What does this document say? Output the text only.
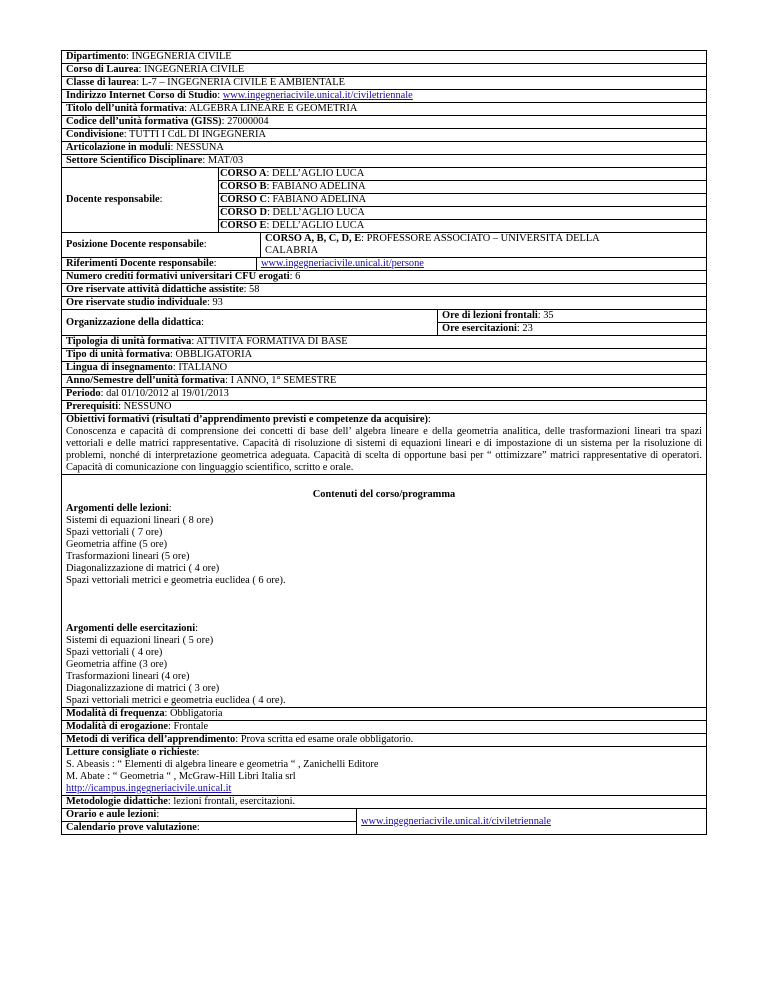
Dipartimento: INGEGNERIA CIVILE
Corso di Laurea: INGEGNERIA CIVILE
Classe di laurea: L-7 – INGEGNERIA CIVILE E AMBIENTALE
Indirizzo Internet Corso di Studio: www.ingegneriacivile.unical.it/civiletriennale
Titolo dell’unità formativa: ALGEBRA LINEARE E GEOMETRIA
Codice dell’unità formativa (GISS): 27000004
Condivisione: TUTTI I CdL DI INGEGNERIA
Articolazione in moduli: NESSUNA
Settore Scientifico Disciplinare: MAT/03
Docente responsabile :
CORSO A: DELL’AGLIO LUCA
CORSO B: FABIANO ADELINA
CORSO C: FABIANO ADELINA
CORSO D: DELL’AGLIO LUCA
CORSO E: DELL’AGLIO LUCA
Posizione Docente responsabile :
CORSO A, B, C, D, E: PROFESSORE ASSOCIATO – UNIVERSITÀ DELLA
CALABRIA
Riferimenti Docente responsabile:	www.ingegneriacivile.unical.it/persone
Numero crediti formativi universitari CFU erogati: 6
Ore riservate attività didattiche assistite: 58
Ore riservate studio individuale: 93
Organizzazione della didattica :
Ore di lezioni frontali: 35
Ore esercitazioni: 23
Tipologia di unità formativa: ATTIVITÀ FORMATIVA DI BASE
Tipo di unità formativa: OBBLIGATORIA
Lingua di insegnamento: ITALIANO
Anno/Semestre dell’unità formativa: I ANNO, 1° SEMESTRE
Periodo: dal 01/10/2012 al 19/01/2013
Prerequisiti: NESSUNO
Obiettivi formativi (risultati d’apprendimento previsti e competenze da acquisire):
Conoscenza e capacità di comprensione dei concetti di base dell’ algebra lineare e della geometria analitica, delle trasformazioni lineari tra spazi vettoriali e delle matrici rappresentative. Capacità di risoluzione di sistemi di equazioni lineari e di impostazione di un sistema per la risoluzione di problemi, nonché di interpretazione geometrica adeguata. Capacità di scelta di opportune basi per “ ottimizzare” matrici rappresentative di operatori. Capacità di comunicazione con linguaggio scientifico, scritto e orale.
Contenuti del corso/programma
Argomenti delle lezioni:
Sistemi di equazioni lineari ( 8 ore)
Spazi vettoriali ( 7 ore)
Geometria affine (5 ore)
Trasformazioni lineari (5 ore)
Diagonalizzazione di matrici ( 4 ore)
Spazi vettoriali metrici e geometria euclidea ( 6 ore).
Argomenti delle esercitazioni:
Sistemi di equazioni lineari ( 5 ore)
Spazi vettoriali ( 4 ore)
Geometria affine (3 ore)
Trasformazioni lineari (4 ore)
Diagonalizzazione di matrici ( 3 ore)
Spazi vettoriali metrici e geometria euclidea ( 4 ore).
Modalità di frequenza: Obbligatoria
Modalità di erogazione: Frontale
Metodi di verifica dell’apprendimento: Prova scritta ed esame orale obbligatorio.
Letture consigliate o richieste:
S. Abeasis : “ Elementi di algebra lineare e geometria “ , Zanichelli Editore
M. Abate : “ Geometria “ , McGraw-Hill Libri Italia srl
http://icampus.ingegneriacivile.unical.it
Metodologie didattiche: lezioni frontali, esercitazioni.
Orario e aule lezioni:
Calendario prove valutazione:
www.ingegneriacivile.unical.it/civiletriennale
